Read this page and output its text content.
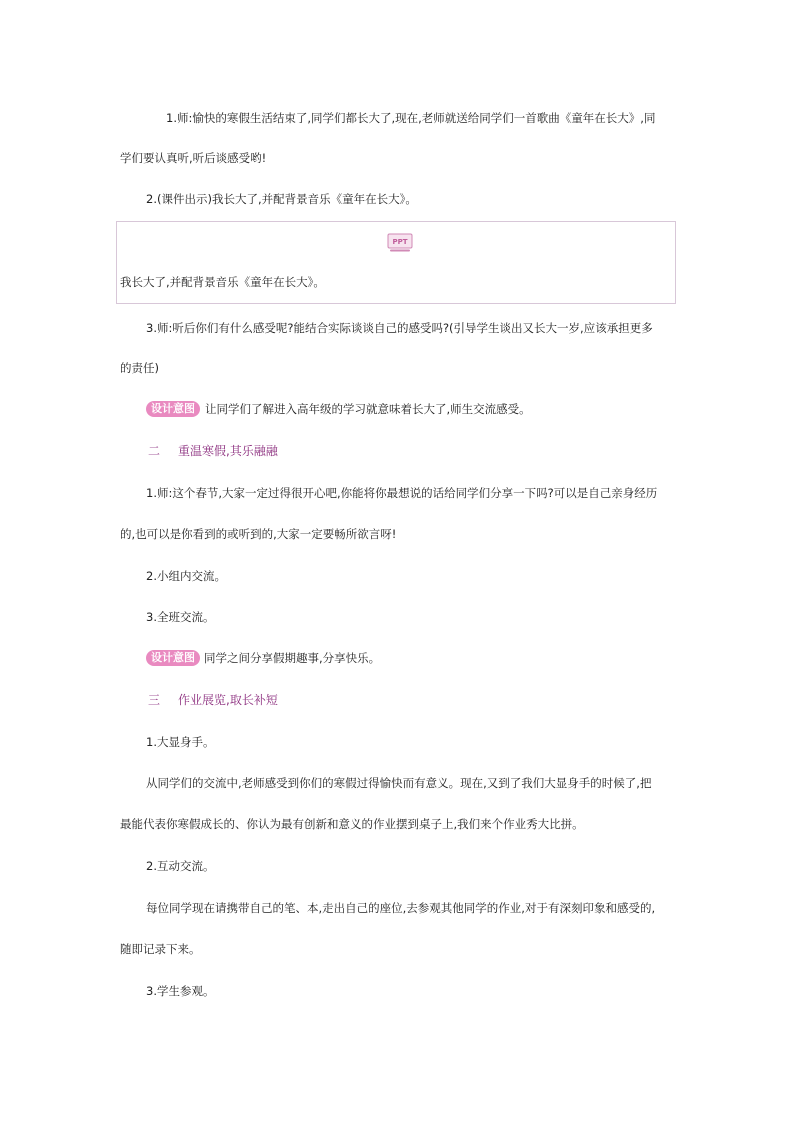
1.师:愉快的寒假生活结束了,同学们都长大了,现在,老师就送给同学们一首歌曲《童年在长大》,同
学们要认真听,听后谈感受哟!
2.(课件出示)我长大了,并配背景音乐《童年在长大》。
PPT
我长大了,并配背景音乐《童年在长大》。
3.师:听后你们有什么感受呢?能结合实际谈谈自己的感受吗?(引导学生谈出又长大一岁,应该承担更多
的责任)
设计意图 让同学们了解进入高年级的学习就意味着长大了,师生交流感受。
二 重温寒假,其乐融融
1.师:这个春节,大家一定过得很开心吧,你能将你最想说的话给同学们分享一下吗?可以是自己亲身经历
的,也可以是你看到的或听到的,大家一定要畅所欲言呀!
2.小组内交流。
3.全班交流。
设计意图 同学之间分享假期趣事,分享快乐。
三 作业展览,取长补短
1.大显身手。
从同学们的交流中,老师感受到你们的寒假过得愉快而有意义。现在,又到了我们大显身手的时候了,把
最能代表你寒假成长的、你认为最有创新和意义的作业摆到桌子上,我们来个作业秀大比拼。
2.互动交流。
每位同学现在请携带自己的笔、本,走出自己的座位,去参观其他同学的作业,对于有深刻印象和感受的,
随即记录下来。
3.学生参观。
